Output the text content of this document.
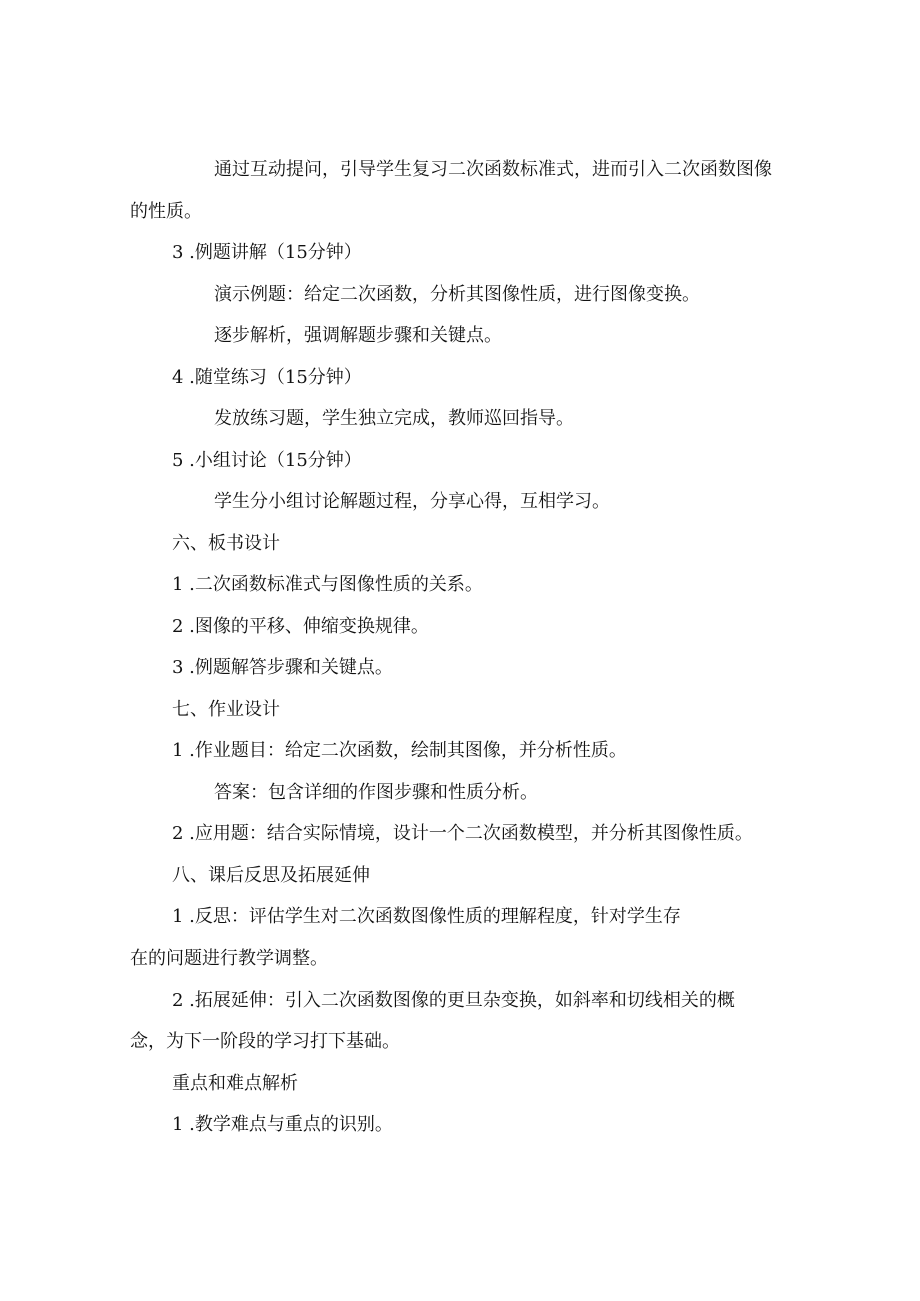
通过互动提问，引导学生复习二次函数标准式，进而引入二次函数图像
的性质。
3 .例题讲解（15分钟）
演示例题：给定二次函数，分析其图像性质，进行图像变换。
逐步解析，强调解题步骤和关键点。
4 .随堂练习（15分钟）
发放练习题，学生独立完成，教师巡回指导。
5 .小组讨论（15分钟）
学生分小组讨论解题过程，分享心得，互相学习。
六、板书设计
1 .二次函数标准式与图像性质的关系。
2 .图像的平移、伸缩变换规律。
3 .例题解答步骤和关键点。
七、作业设计
1 .作业题目：给定二次函数，绘制其图像，并分析性质。
答案：包含详细的作图步骤和性质分析。
2 .应用题：结合实际情境，设计一个二次函数模型，并分析其图像性质。
八、课后反思及拓展延伸
1 .反思：评估学生对二次函数图像性质的理解程度，针对学生存
在的问题进行教学调整。
2 .拓展延伸：引入二次函数图像的更旦杂变换，如斜率和切线相关的概
念，为下一阶段的学习打下基础。
重点和难点解析
1 .教学难点与重点的识别。
